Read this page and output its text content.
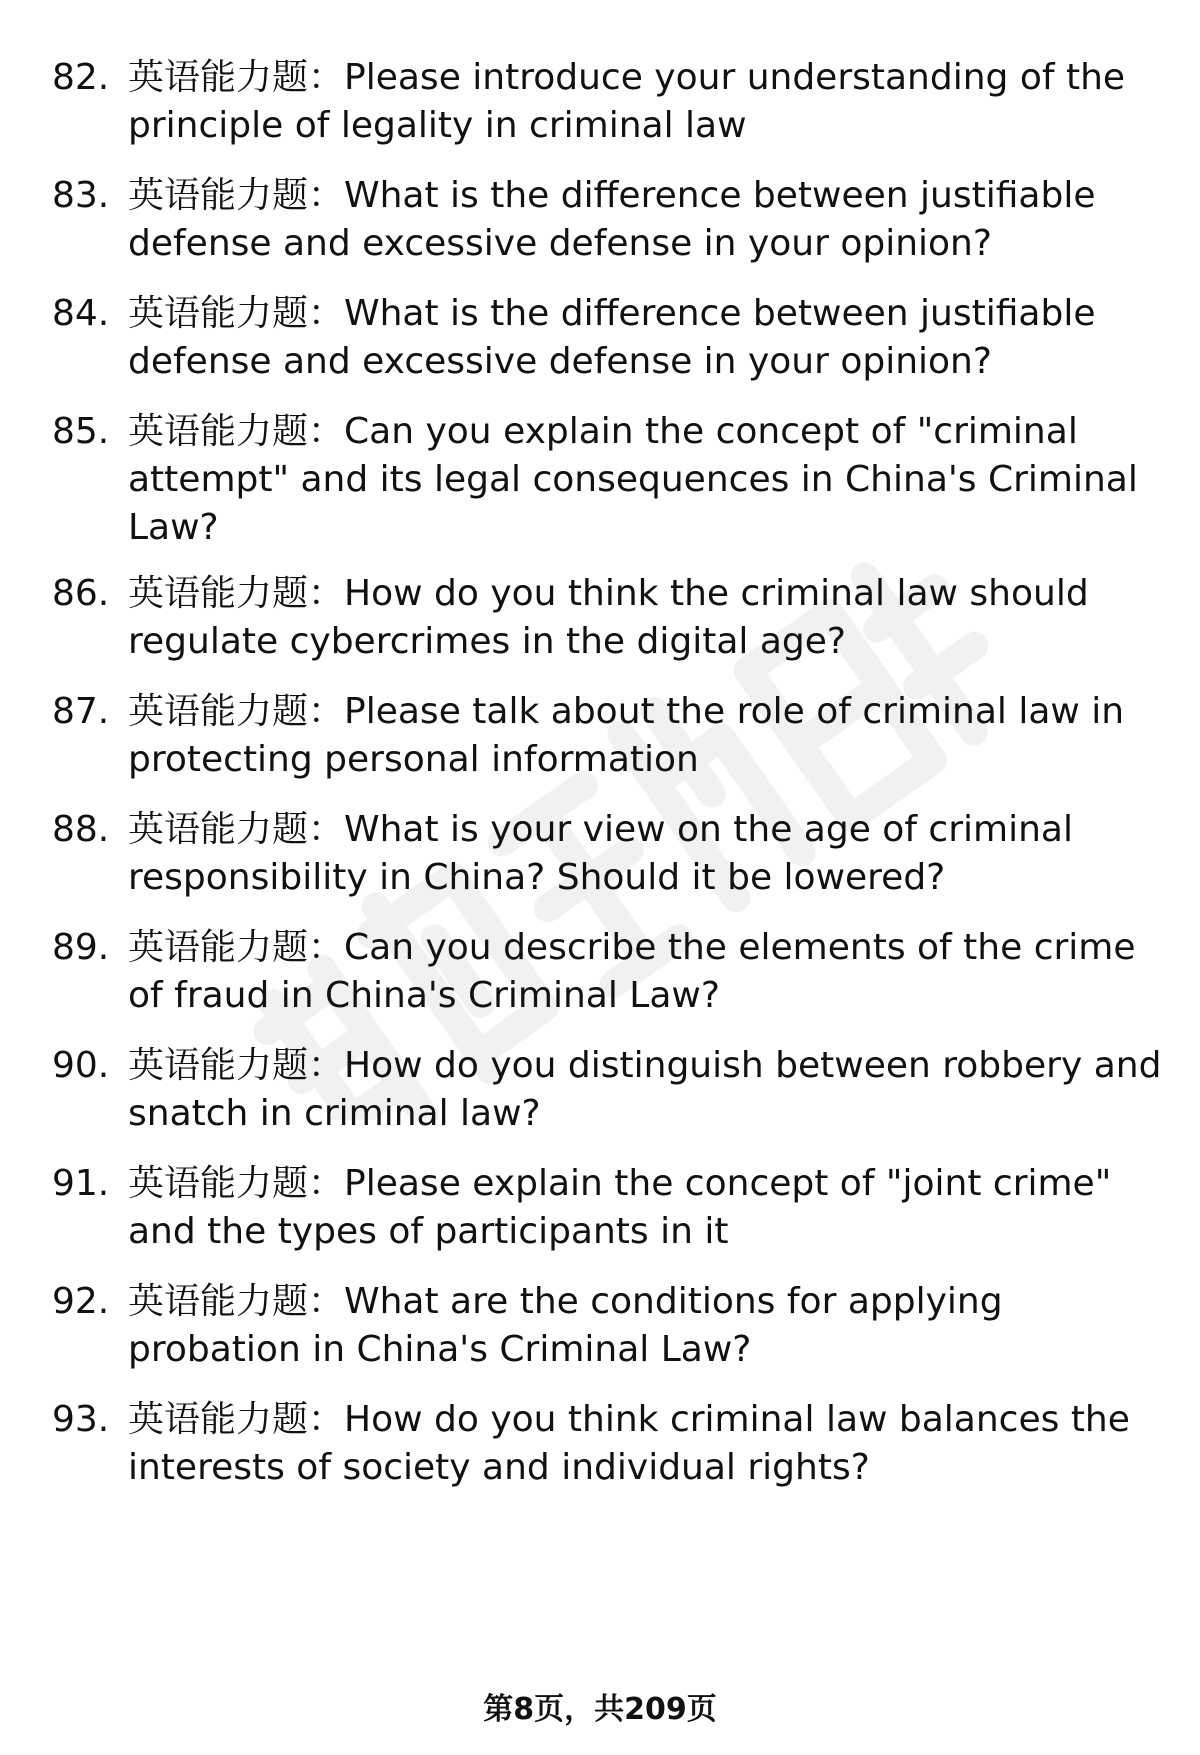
82. 英语能力题：Please introduce your understanding of the principle of legality in criminal law
83. 英语能力题：What is the difference between justifiable defense and excessive defense in your opinion?
84. 英语能力题：What is the difference between justifiable defense and excessive defense in your opinion?
85. 英语能力题：Can you explain the concept of "criminal attempt" and its legal consequences in China's Criminal Law?
86. 英语能力题：How do you think the criminal law should regulate cybercrimes in the digital age?
87. 英语能力题：Please talk about the role of criminal law in protecting personal information
88. 英语能力题：What is your view on the age of criminal responsibility in China? Should it be lowered?
89. 英语能力题：Can you describe the elements of the crime of fraud in China's Criminal Law?
90. 英语能力题：How do you distinguish between robbery and snatch in criminal law?
91. 英语能力题：Please explain the concept of "joint crime" and the types of participants in it
92. 英语能力题：What are the conditions for applying probation in China's Criminal Law?
93. 英语能力题：How do you think criminal law balances the interests of society and individual rights?
第8页，共209页
